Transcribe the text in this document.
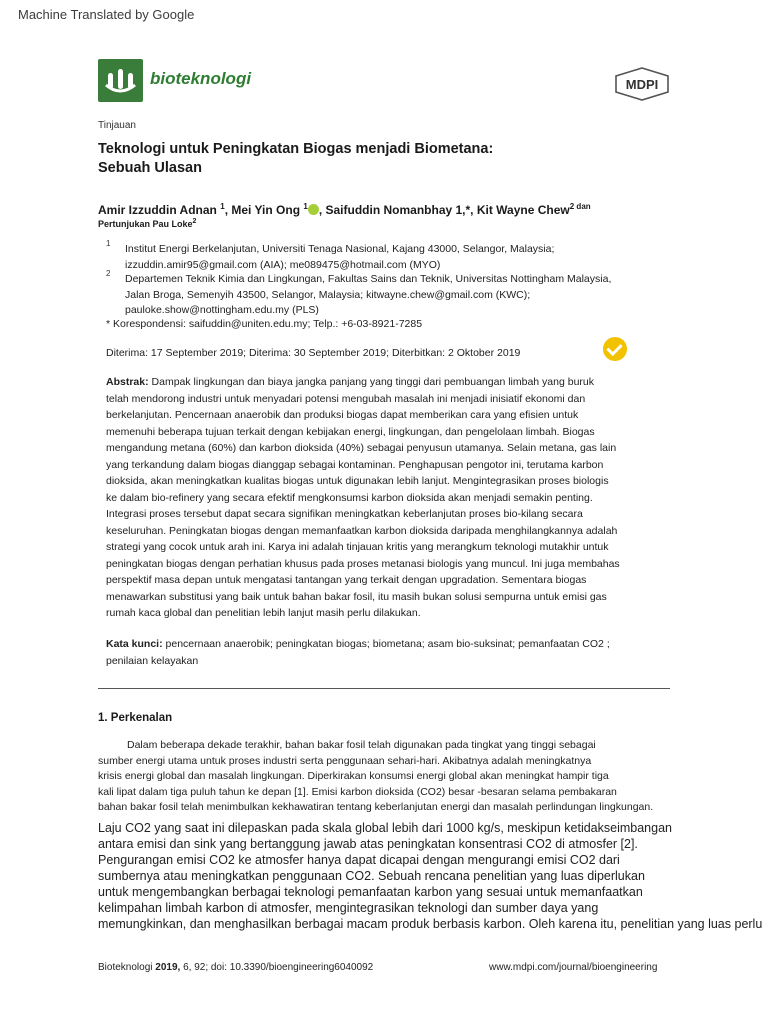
Machine Translated by Google
bioteknologi	MDPI
Tinjauan
Teknologi untuk Peningkatan Biogas menjadi Biometana:
Sebuah Ulasan
Amir Izzuddin Adnan $^1$, Mei Yin Ong $^1$ , Saifuddin Nomanbhay 1,*, Kit Wayne Chew$^2$ $^{dan}$
Pertunjukan Pau Loke$^2$
1 Institut Energi Berkelanjutan, Universiti Tenaga Nasional, Kajang 43000, Selangor, Malaysia;
izzuddin.amir95@gmail.com (AIA); me089475@hotmail.com (MYO)
2 Departemen Teknik Kimia dan Lingkungan, Fakultas Sains dan Teknik, Universitas Nottingham Malaysia,
Jalan Broga, Semenyih 43500, Selangor, Malaysia; kitwayne.chew@gmail.com (KWC);
pauloke.show@nottingham.edu.my (PLS)
* Korespondensi: saifuddin@uniten.edu.my; Telp.: +6-03-8921-7285
Diterima: 17 September 2019; Diterima: 30 September 2019; Diterbitkan: 2 Oktober 2019
Abstrak: Dampak lingkungan dan biaya jangka panjang yang tinggi dari pembuangan limbah yang buruk
telah mendorong industri untuk menyadari potensi mengubah masalah ini menjadi inisiatif ekonomi dan
berkelanjutan. Pencernaan anaerobik dan produksi biogas dapat memberikan cara yang efisien untuk
memenuhi beberapa tujuan terkait dengan kebijakan energi, lingkungan, dan pengelolaan limbah. Biogas
mengandung metana (60%) dan karbon dioksida (40%) sebagai penyusun utamanya. Selain metana, gas lain
yang terkandung dalam biogas dianggap sebagai kontaminan. Penghapusan pengotor ini, terutama karbon
dioksida, akan meningkatkan kualitas biogas untuk digunakan lebih lanjut. Mengintegrasikan proses biologis
ke dalam bio-refinery yang secara efektif mengkonsumsi karbon dioksida akan menjadi semakin penting.
Integrasi proses tersebut dapat secara signifikan meningkatkan keberlanjutan proses bio-kilang secara
keseluruhan. Peningkatan biogas dengan memanfaatkan karbon dioksida daripada menghilangkannya adalah
strategi yang cocok untuk arah ini. Karya ini adalah tinjauan kritis yang merangkum teknologi mutakhir untuk
peningkatan biogas dengan perhatian khusus pada proses metanasi biologis yang muncul. Ini juga membahas
perspektif masa depan untuk mengatasi tantangan yang terkait dengan upgradation. Sementara biogas
menawarkan substitusi yang baik untuk bahan bakar fosil, itu masih bukan solusi sempurna untuk emisi gas
rumah kaca global dan penelitian lebih lanjut masih perlu dilakukan.
Kata kunci: pencernaan anaerobik; peningkatan biogas; biometana; asam bio-suksinat; pemanfaatan CO2 ;
penilaian kelayakan
1. Perkenalan
Dalam beberapa dekade terakhir, bahan bakar fosil telah digunakan pada tingkat yang tinggi sebagai
sumber energi utama untuk proses industri serta penggunaan sehari-hari. Akibatnya adalah meningkatnya
krisis energi global dan masalah lingkungan. Diperkirakan konsumsi energi global akan meningkat hampir tiga
kali lipat dalam tiga puluh tahun ke depan [1]. Emisi karbon dioksida (CO2) besar -besaran selama pembakaran
bahan bakar fosil telah menimbulkan kekhawatiran tentang keberlanjutan energi dan masalah perlindungan lingkungan.
Laju CO2 yang saat ini dilepaskan pada skala global lebih dari 1000 kg/s, meskipun ketidakseimbangan
antara emisi dan sink yang bertanggung jawab atas peningkatan konsentrasi CO2 di atmosfer [2].
Pengurangan emisi CO2 ke atmosfer hanya dapat dicapai dengan mengurangi emisi CO2 dari
sumbernya atau meningkatkan penggunaan CO2. Sebuah rencana penelitian yang luas diperlukan
untuk mengembangkan berbagai teknologi pemanfaatan karbon yang sesuai untuk memanfaatkan
kelimpahan limbah karbon di atmosfer, mengintegrasikan teknologi dan sumber daya yang
memungkinkan, dan menghasilkan berbagai macam produk berbasis karbon. Oleh karena itu, penelitian yang luas perlu
Bioteknologi 2019, 6, 92; doi: 10.3390/bioengineering6040092	www.mdpi.com/journal/bioengineering
